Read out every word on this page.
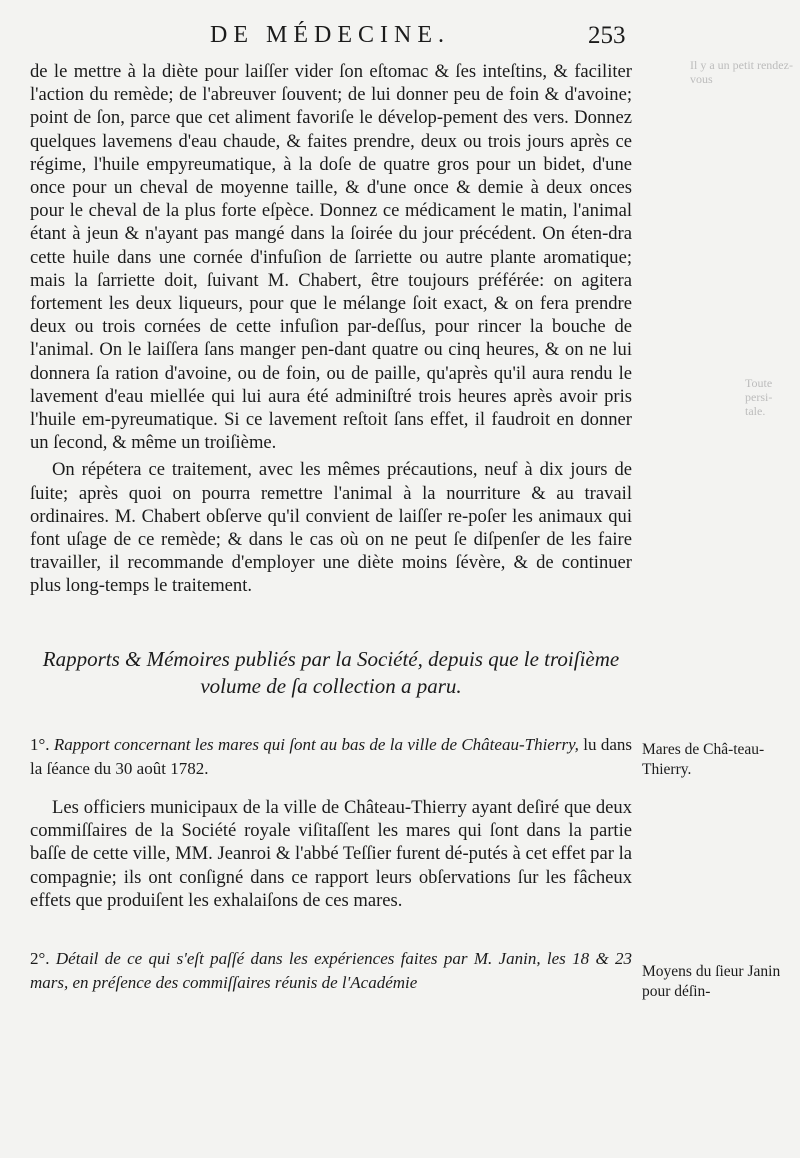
DE MÉDECINE.	253
Il y a un petit rendez-vous
Toute persi-
tale.

de le mettre à la diète pour laiſſer vider ſon eſtomac & ſes inteſtins, & faciliter l'action du remède; de l'abreuver ſouvent; de lui donner peu de foin & d'avoine; point de ſon, parce que cet aliment favoriſe le dévelop-pement des vers. Donnez quelques lavemens d'eau chaude, & faites prendre, deux ou trois jours après ce régime, l'huile empyreumatique, à la doſe de quatre gros pour un bidet, d'une once pour un cheval de moyenne taille, & d'une once & demie à deux onces pour le cheval de la plus forte eſpèce. Donnez ce médicament le matin, l'animal étant à jeun & n'ayant pas mangé dans la ſoirée du jour précédent. On éten-dra cette huile dans une cornée d'infuſion de ſarriette ou autre plante aromatique; mais la ſarriette doit, ſuivant M. Chabert, être toujours préférée: on agitera fortement les deux liqueurs, pour que le mélange ſoit exact, & on fera prendre deux ou trois cornées de cette infuſion par-deſſus, pour rincer la bouche de l'animal. On le laiſſera ſans manger pen-dant quatre ou cinq heures, & on ne lui donnera ſa ration d'avoine, ou de foin, ou de paille, qu'après qu'il aura rendu le lavement d'eau miellée qui lui aura été adminiſtré trois heures après avoir pris l'huile em-pyreumatique. Si ce lavement reſtoit ſans effet, il faudroit en donner un ſecond, & même un troiſième.

On répétera ce traitement, avec les mêmes précautions, neuf à dix jours de ſuite; après quoi on pourra remettre l'animal à la nourriture & au travail ordinaires. M. Chabert obſerve qu'il convient de laiſſer re-poſer les animaux qui font uſage de ce remède; & dans le cas où on ne peut ſe diſpenſer de les faire travailler, il recommande d'employer une diète moins ſévère, & de continuer plus long-temps le traitement.

Rapports & Mémoires publiés par la Société, depuis que le troiſième volume de ſa collection a paru.
1°. Rapport concernant les mares qui ſont au bas de la ville de Château-Thierry, lu dans la ſéance du 30 août 1782.
Mares de Châ-teau-Thierry.

Les officiers municipaux de la ville de Château-Thierry ayant deſiré que deux commiſſaires de la Société royale viſitaſſent les mares qui ſont dans la partie baſſe de cette ville, MM. Jeanroi & l'abbé Teſſier furent dé-putés à cet effet par la compagnie; ils ont conſigné dans ce rapport leurs obſervations ſur les fâcheux effets que produiſent les exhalaiſons de ces mares.

2°. Détail de ce qui s'eſt paſſé dans les expériences faites par M. Janin, les 18 & 23 mars, en préſence des commiſſaires réunis de l'Académie
Moyens du ſieur Janin pour déſin-
